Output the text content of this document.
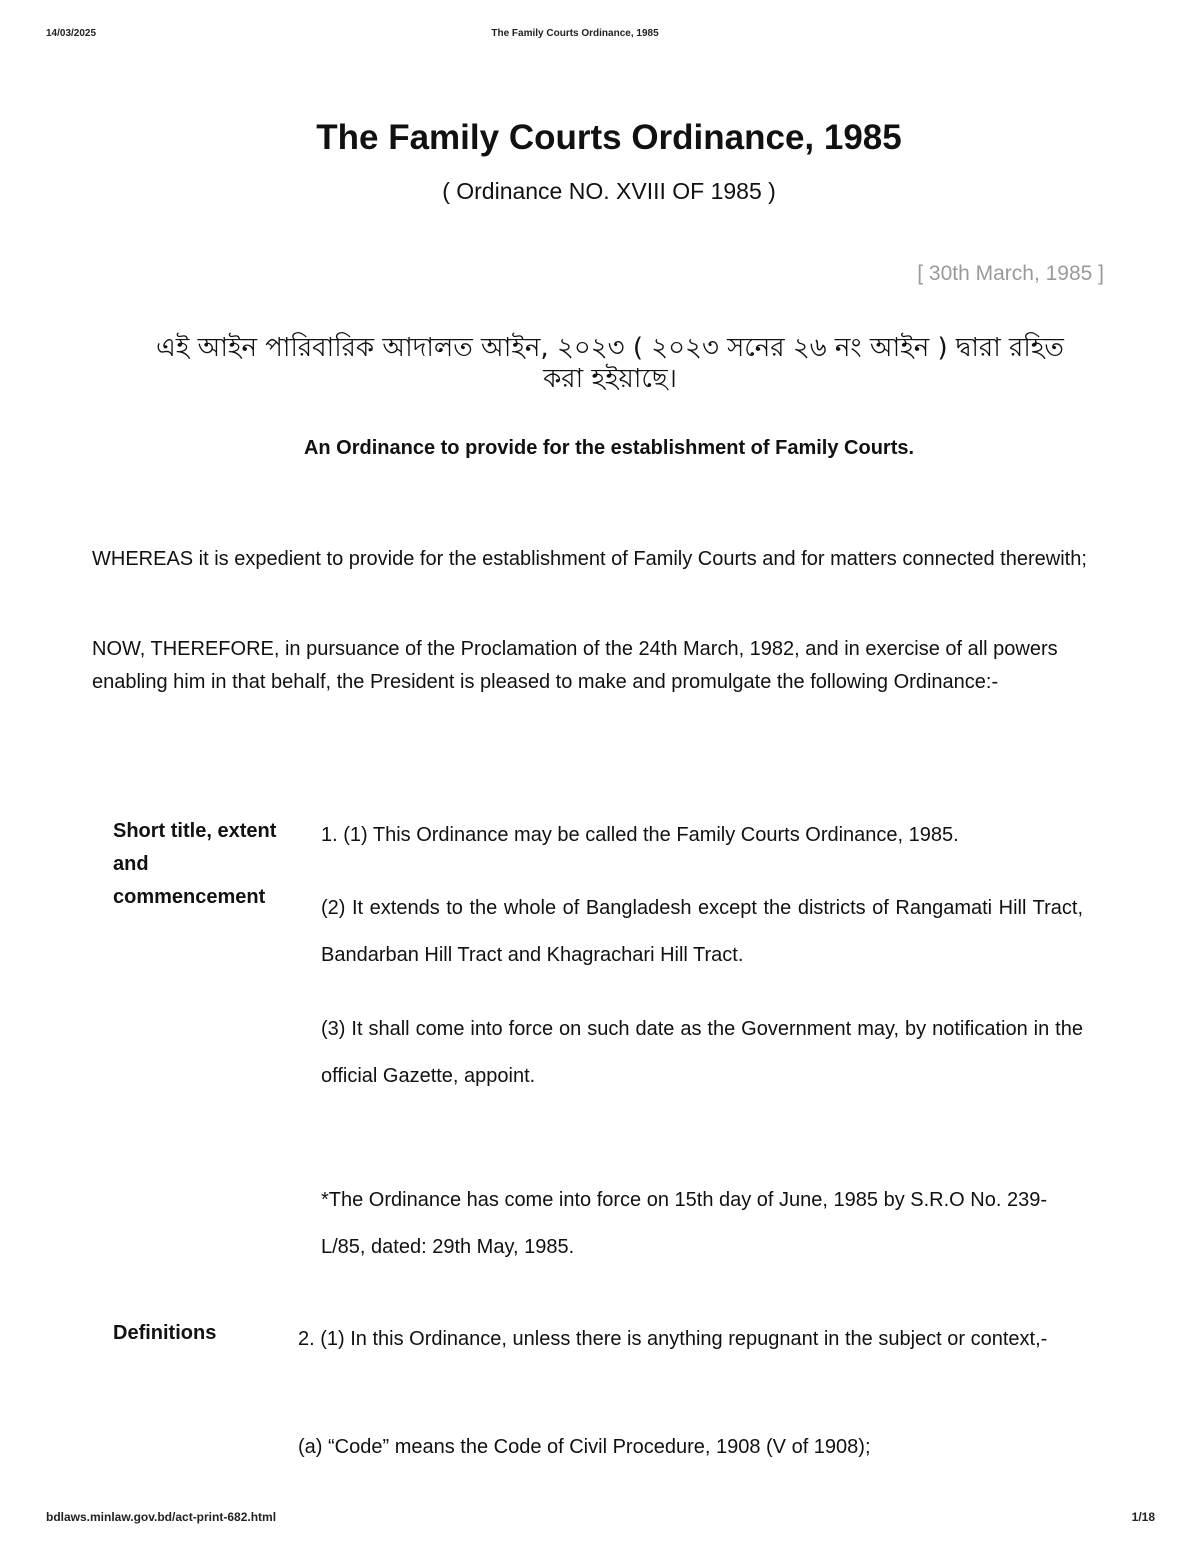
14/03/2025	The Family Courts Ordinance, 1985
The Family Courts Ordinance, 1985
( Ordinance NO. XVIII OF 1985 )
[ 30th March, 1985 ]
এই আইন পারিবারিক আদালত আইন, ২০২৩ ( ২০২৩ সনের ২৬ নং আইন ) দ্বারা রহিত করা হইয়াছে।
An Ordinance to provide for the establishment of Family Courts.
WHEREAS it is expedient to provide for the establishment of Family Courts and for matters connected therewith;
NOW, THEREFORE, in pursuance of the Proclamation of the 24th March, 1982, and in exercise of all powers enabling him in that behalf, the President is pleased to make and promulgate the following Ordinance:-
Short title, extent and commencement
1. (1) This Ordinance may be called the Family Courts Ordinance, 1985.
(2) It extends to the whole of Bangladesh except the districts of Rangamati Hill Tract, Bandarban Hill Tract and Khagrachari Hill Tract.
(3) It shall come into force on such date as the Government may, by notification in the official Gazette, appoint.
*The Ordinance has come into force on 15th day of June, 1985 by S.R.O No. 239-L/85, dated: 29th May, 1985.
Definitions	2. (1) In this Ordinance, unless there is anything repugnant in the subject or context,-
(a) “Code” means the Code of Civil Procedure, 1908 (V of 1908);
bdlaws.minlaw.gov.bd/act-print-682.html	1/18
